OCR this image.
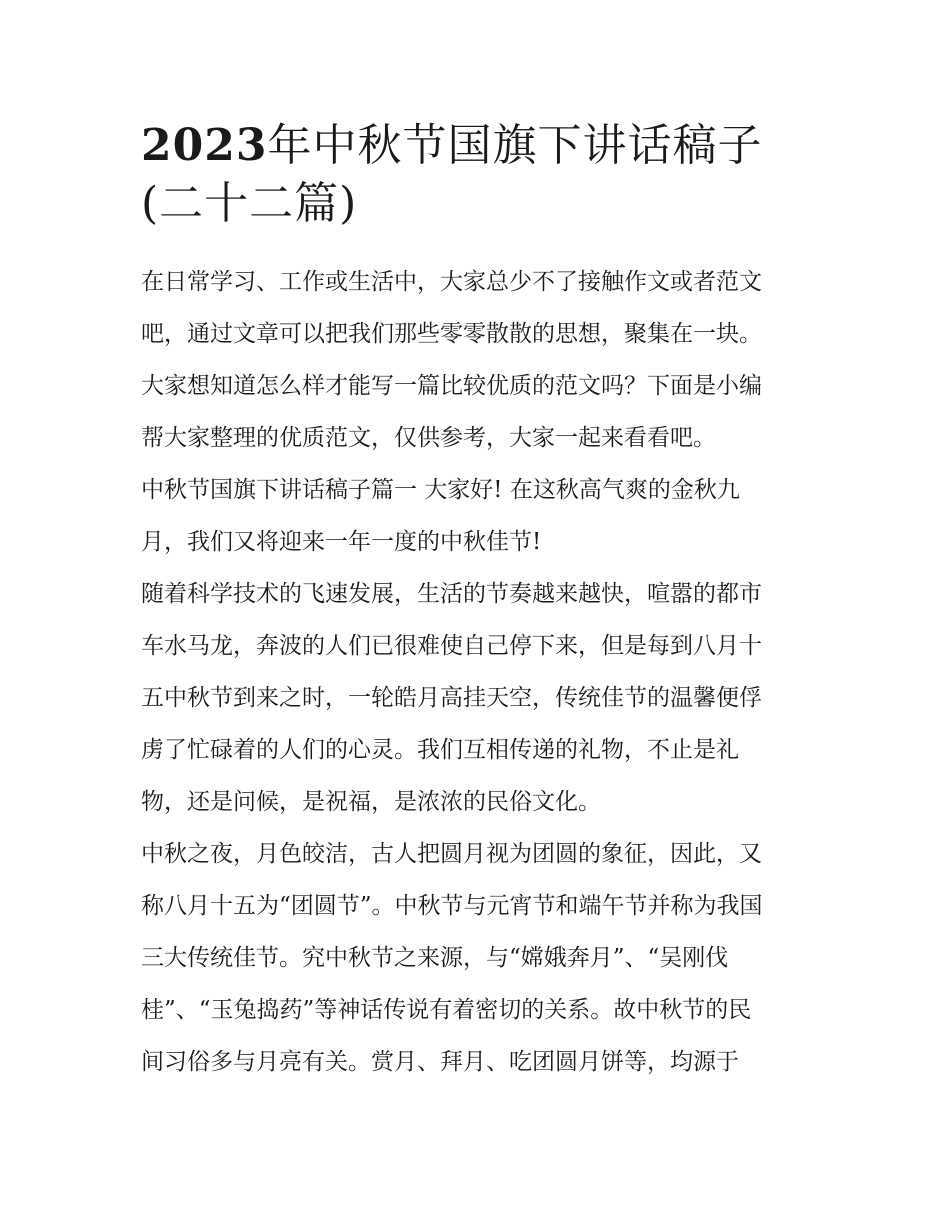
2023年中秋节国旗下讲话稿子
(二十二篇)

在日常学习、工作或生活中，大家总少不了接触作文或者范文
吧，通过文章可以把我们那些零零散散的思想，聚集在一块。
大家想知道怎么样才能写一篇比较优质的范文吗？下面是小编
帮大家整理的优质范文，仅供参考，大家一起来看看吧。

中秋节国旗下讲话稿子篇一 大家好! 在这秋高气爽的金秋九
月，我们又将迎来一年一度的中秋佳节!

随着科学技术的飞速发展，生活的节奏越来越快，喧嚣的都市
车水马龙，奔波的人们已很难使自己停下来，但是每到八月十
五中秋节到来之时，一轮皓月高挂天空，传统佳节的温馨便俘
虏了忙碌着的人们的心灵。我们互相传递的礼物，不止是礼
物，还是问候，是祝福，是浓浓的民俗文化。

中秋之夜，月色皎洁，古人把圆月视为团圆的象征，因此，又
称八月十五为“团圆节”。中秋节与元宵节和端午节并称为我国
三大传统佳节。究中秋节之来源，与“嫦娥奔月”、“吴刚伐
桂”、“玉兔捣药”等神话传说有着密切的关系。故中秋节的民
间习俗多与月亮有关。赏月、拜月、吃团圆月饼等，均源于
